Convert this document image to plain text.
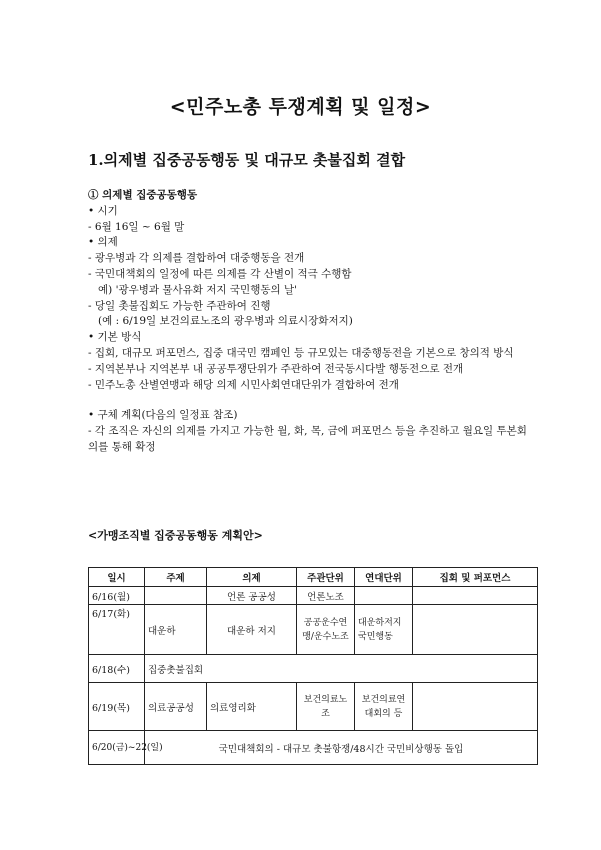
<민주노총 투쟁계획 및 일정>
1.의제별 집중공동행동 및 대규모 촛불집회 결합

① 의제별 집중공동행동

• 시기

- 6월 16일 ~ 6월 말

• 의제

- 광우병과 각 의제를 결합하여 대중행동을 전개

- 국민대책회의 일정에 따른 의제를 각 산별이 적극 수행함

예) '광우병과 물사유화 저지 국민행동의 날'

- 당일 촛불집회도 가능한 주관하여 진행

(예 : 6/19일 보건의료노조의 광우병과 의료시장화저지)

• 기본 방식

- 집회, 대규모 퍼포먼스, 집중 대국민 캠페인 등 규모있는 대중행동전을 기본으로 창의적 방식

- 지역본부나 지역본부 내 공공투쟁단위가 주관하여 전국동시다발 행동전으로 전개

- 민주노총 산별연맹과 해당 의제 시민사회연대단위가 결합하여 전개

• 구체 계획(다음의 일정표 참조)

- 각 조직은 자신의 의제를 가지고 가능한 월, 화, 목, 금에 퍼포먼스 등을 추진하고 월요일 투본회의를 통해 확정

<가맹조직별 집중공동행동 계획안>
일시	주제	의제	주관단위	연대단위	집회 및 퍼포먼스
6/16(월)		언론 공공성	언론노조		
6/17(화)	대운하	대운하 저지	공공운수연맹/운수노조	대운하저지국민행동	
6/18(수)	집중촛불집회				
6/19(목)	의료공공성	의료영리화	보건의료노조	보건의료연대회의 등	
6/20(금)~22(일)	국민대책회의 - 대규모 촛불항쟁/48시간 국민비상행동 돌입				
